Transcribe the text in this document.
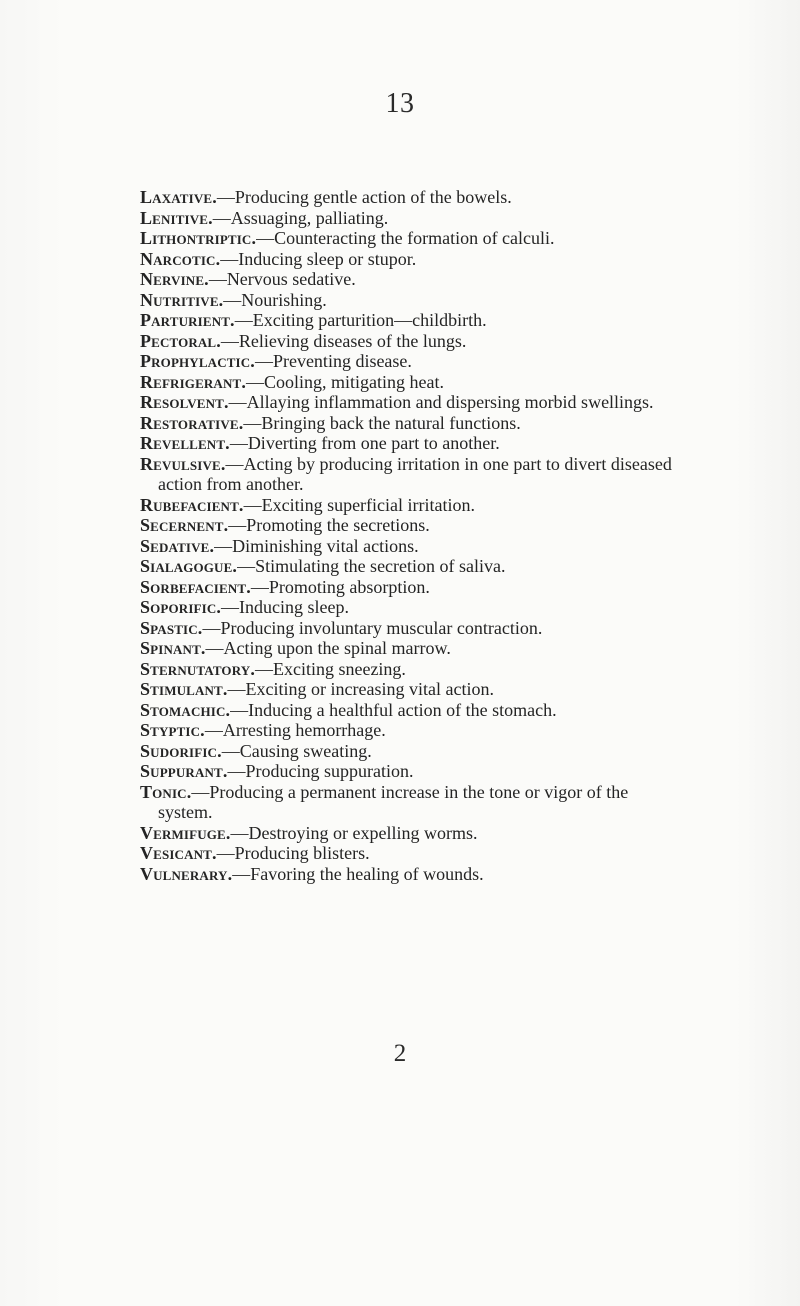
13

Laxative.—Producing gentle action of the bowels.

Lenitive.—Assuaging, palliating.

Lithontriptic.—Counteracting the formation of calculi.

Narcotic.—Inducing sleep or stupor.

Nervine.—Nervous sedative.

Nutritive.—Nourishing.

Parturient.—Exciting parturition—childbirth.

Pectoral.—Relieving diseases of the lungs.

Prophylactic.—Preventing disease.

Refrigerant.—Cooling, mitigating heat.

Resolvent.—Allaying inflammation and dispersing morbid swellings.

Restorative.—Bringing back the natural functions.

Revellent.—Diverting from one part to another.

Revulsive.—Acting by producing irritation in one part to divert diseased action from another.

Rubefacient.—Exciting superficial irritation.

Secernent.—Promoting the secretions.

Sedative.—Diminishing vital actions.

Sialagogue.—Stimulating the secretion of saliva.

Sorbefacient.—Promoting absorption.

Soporific.—Inducing sleep.

Spastic.—Producing involuntary muscular contraction.

Spinant.—Acting upon the spinal marrow.

Sternutatory.—Exciting sneezing.

Stimulant.—Exciting or increasing vital action.

Stomachic.—Inducing a healthful action of the stomach.

Styptic.—Arresting hemorrhage.

Sudorific.—Causing sweating.

Suppurant.—Producing suppuration.

Tonic.—Producing a permanent increase in the tone or vigor of the system.

Vermifuge.—Destroying or expelling worms.

Vesicant.—Producing blisters.

Vulnerary.—Favoring the healing of wounds.

2
